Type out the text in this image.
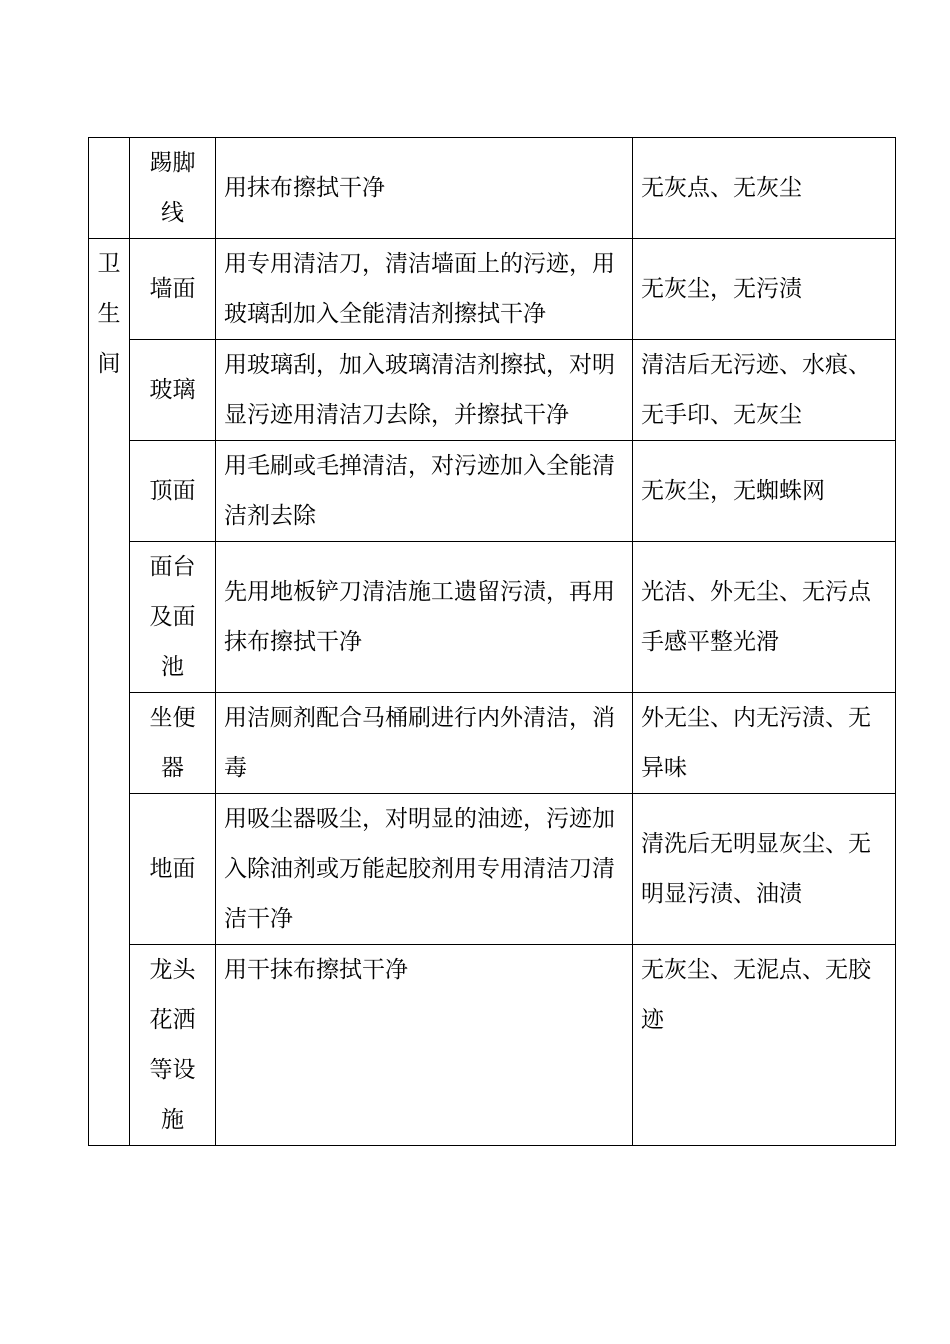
	踢脚线	用抹布擦拭干净	无灰点、无灰尘

卫生间	墙面	用专用清洁刀，清洁墙面上的污迹，用玻璃刮加入全能清洁剂擦拭干净	无灰尘，无污渍

	玻璃	用玻璃刮，加入玻璃清洁剂擦拭，对明显污迹用清洁刀去除，并擦拭干净	清洁后无污迹、水痕、无手印、无灰尘

	顶面	用毛刷或毛掸清洁，对污迹加入全能清洁剂去除	无灰尘，无蜘蛛网

	面台及面池	先用地板铲刀清洁施工遗留污渍，再用抹布擦拭干净	光洁、外无尘、无污点手感平整光滑

	坐便器	用洁厕剂配合马桶刷进行内外清洁，消毒	外无尘、内无污渍、无异味

	地面	用吸尘器吸尘，对明显的油迹，污迹加入除油剂或万能起胶剂用专用清洁刀清洁干净	清洗后无明显灰尘、无明显污渍、油渍

	龙头花洒等设施	用干抹布擦拭干净	无灰尘、无泥点、无胶迹
